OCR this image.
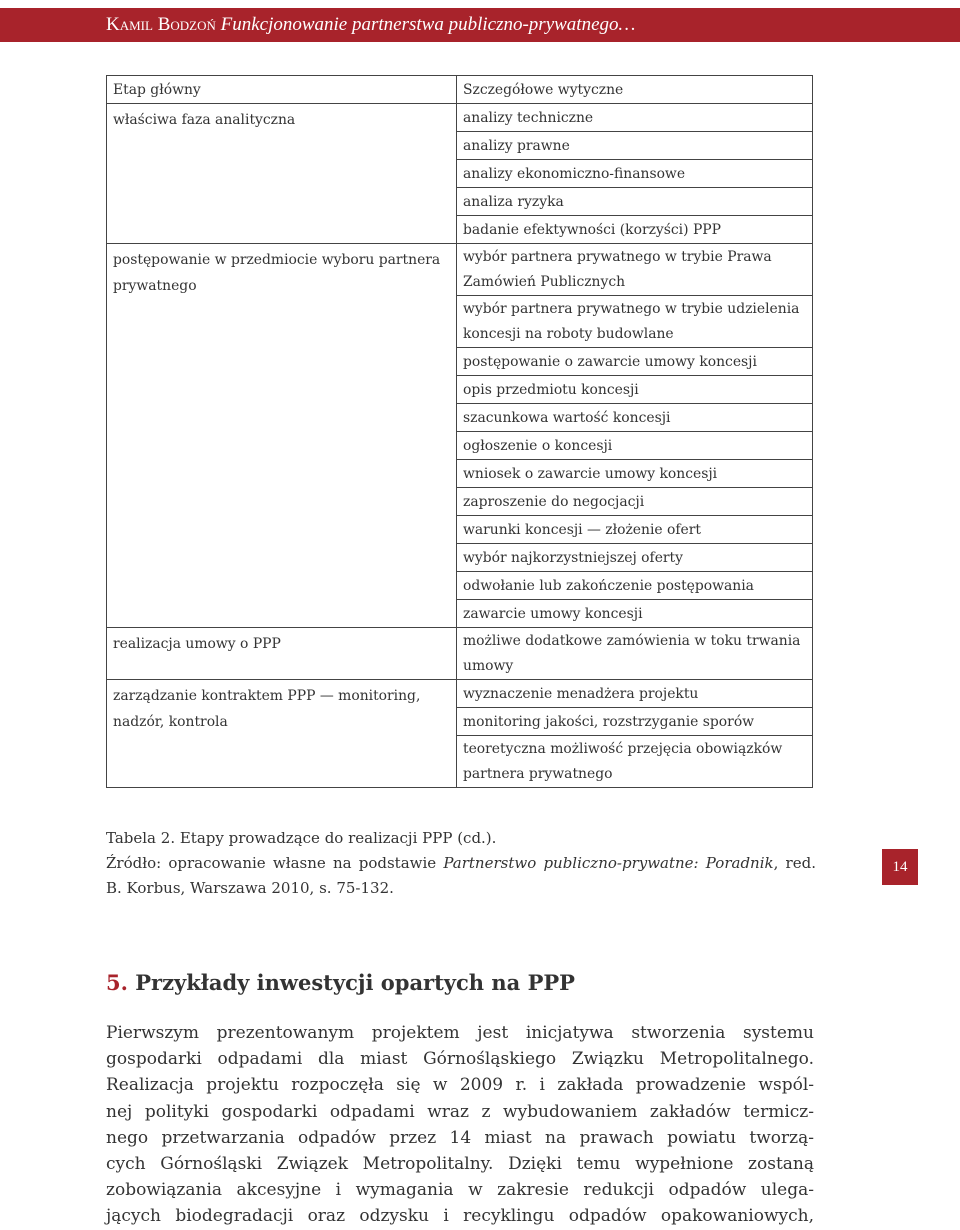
Kamil Bodzoń Funkcjonowanie partnerstwa publiczno-prywatnego…
Etap główny	Szczegółowe wytyczne
właściwa faza analityczna	analizy techniczne
	analizy prawne
	analizy ekonomiczno-finansowe
	analiza ryzyka
	badanie efektywności (korzyści) PPP
postępowanie w przedmiocie wyboru partnera prywatnego	wybór partnera prywatnego w trybie Prawa Zamówień Publicznych
	wybór partnera prywatnego w trybie udzielenia koncesji na roboty budowlane
	postępowanie o zawarcie umowy koncesji
	opis przedmiotu koncesji
	szacunkowa wartość koncesji
	ogłoszenie o koncesji
	wniosek o zawarcie umowy koncesji
	zaproszenie do negocjacji
	warunki koncesji — złożenie ofert
	wybór najkorzystniejszej oferty
	odwołanie lub zakończenie postępowania
	zawarcie umowy koncesji
realizacja umowy o PPP	możliwe dodatkowe zamówienia w toku trwania umowy
zarządzanie kontraktem PPP — monitoring, nadzór, kontrola	wyznaczenie menadżera projektu
	monitoring jakości, rozstrzyganie sporów
	teoretyczna możliwość przejęcia obowiązków partnera prywatnego
Tabela 2. Etapy prowadzące do realizacji PPP (cd.).
Źródło: opracowanie własne na podstawie Partnerstwo publiczno-prywatne: Poradnik, red. B. Korbus, Warszawa 2010, s. 75-132.
14
5. Przykłady inwestycji opartych na PPP
Pierwszym prezentowanym projektem jest inicjatywa stworzenia systemu
gospodarki odpadami dla miast Górnośląskiego Związku Metropolitalnego.
Realizacja projektu rozpoczęła się w 2009 r. i zakłada prowadzenie wspól-
nej polityki gospodarki odpadami wraz z wybudowaniem zakładów termicz-
nego przetwarzania odpadów przez 14 miast na prawach powiatu tworzą-
cych Górnośląski Związek Metropolitalny. Dzięki temu wypełnione zostaną
zobowiązania akcesyjne i wymagania w zakresie redukcji odpadów ulega-
jących biodegradacji oraz odzysku i recyklingu odpadów opakowaniowych,
